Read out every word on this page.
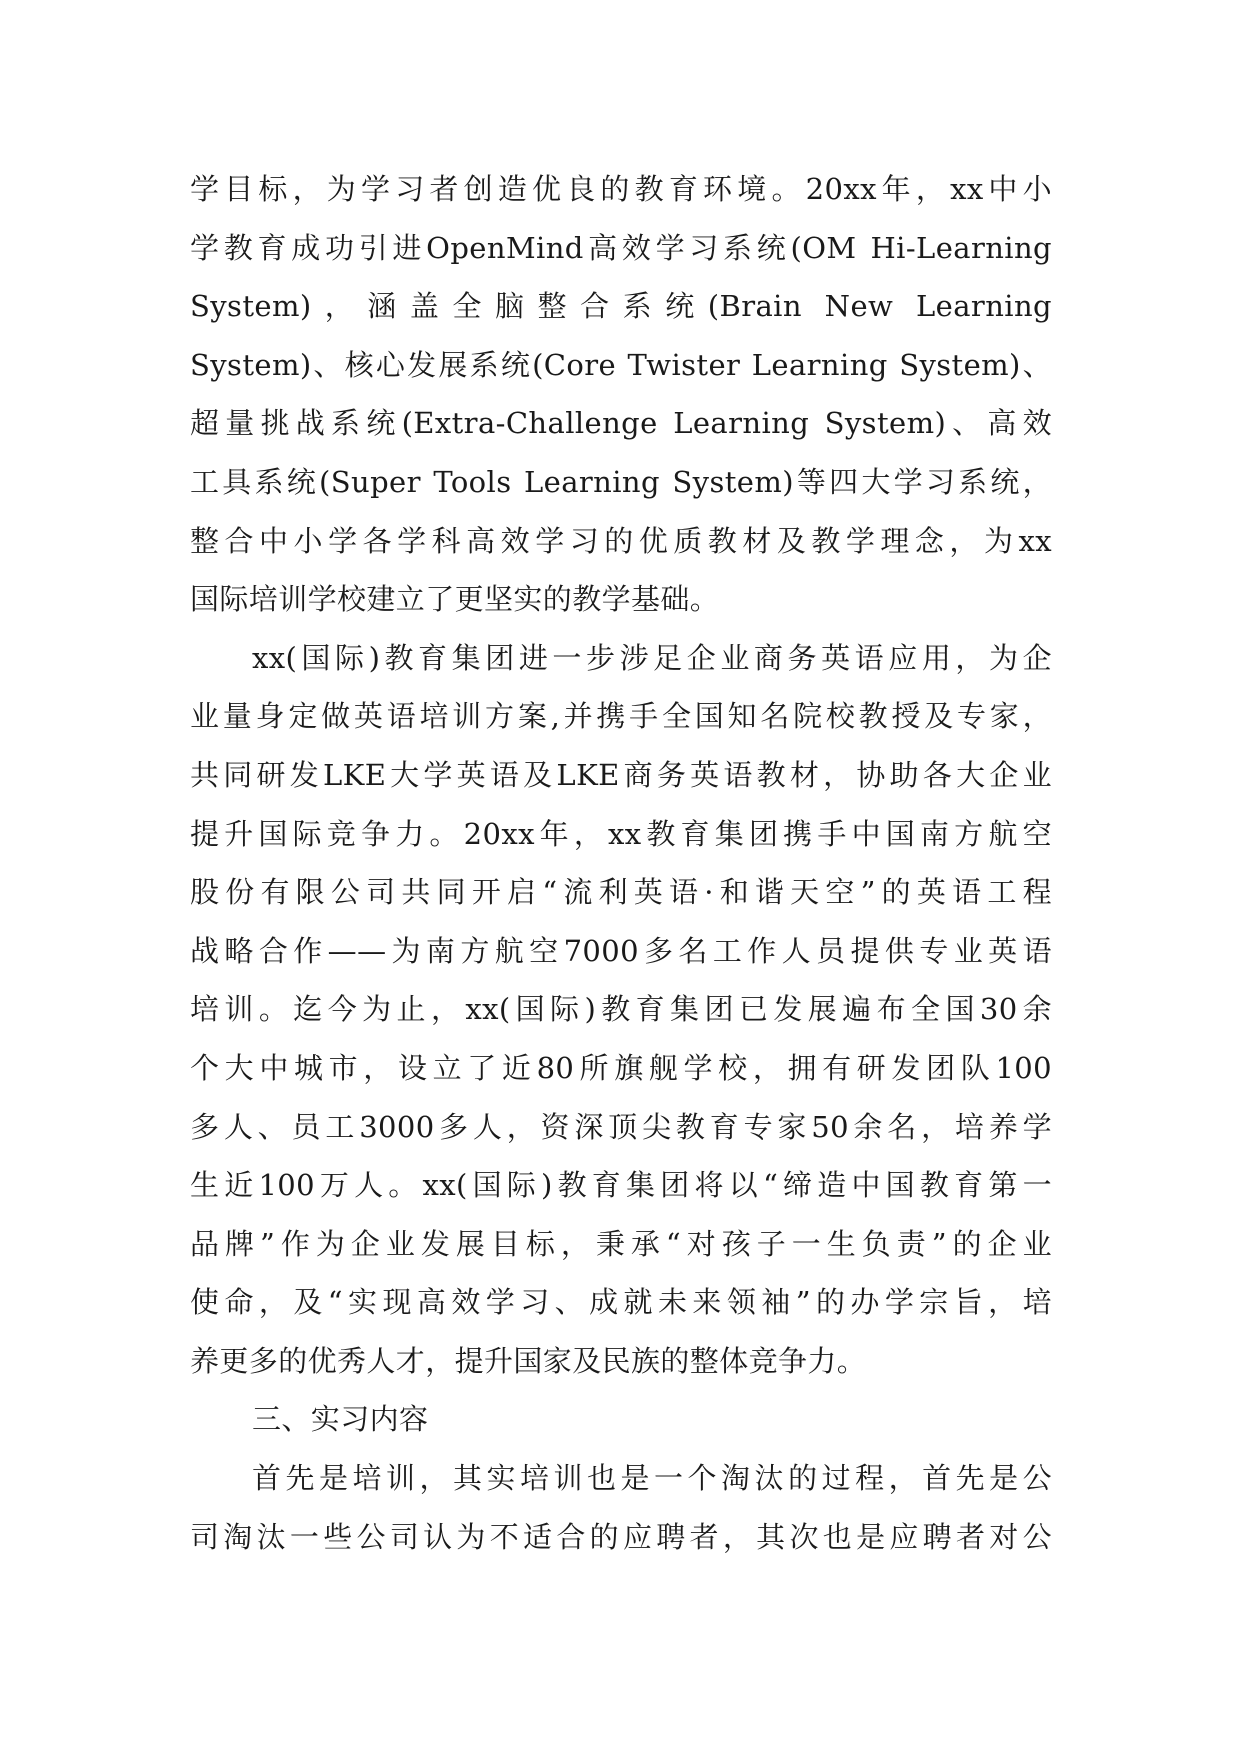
学目标，为学习者创造优良的教育环境。20xx年，xx中小
学教育成功引进OpenMind高效学习系统(OM Hi-Learning
System)，涵盖全脑整合系统(Brain New Learning
System)、核心发展系统(Core Twister Learning System)、
超量挑战系统(Extra-Challenge Learning System)、高效
工具系统(Super Tools Learning System)等四大学习系统，
整合中小学各学科高效学习的优质教材及教学理念，为xx
国际培训学校建立了更坚实的教学基础。
xx(国际)教育集团进一步涉足企业商务英语应用，为企
业量身定做英语培训方案,并携手全国知名院校教授及专家，
共同研发LKE大学英语及LKE商务英语教材，协助各大企业
提升国际竞争力。20xx年，xx教育集团携手中国南方航空
股份有限公司共同开启“流利英语·和谐天空”的英语工程
战略合作——为南方航空7000多名工作人员提供专业英语
培训。迄今为止，xx(国际)教育集团已发展遍布全国30余
个大中城市，设立了近80所旗舰学校，拥有研发团队100
多人、员工3000多人，资深顶尖教育专家50余名，培养学
生近100万人。xx(国际)教育集团将以“缔造中国教育第一
品牌”作为企业发展目标，秉承“对孩子一生负责”的企业
使命，及“实现高效学习、成就未来领袖”的办学宗旨，培
养更多的优秀人才，提升国家及民族的整体竞争力。
三、实习内容
首先是培训，其实培训也是一个淘汰的过程，首先是公
司淘汰一些公司认为不适合的应聘者，其次也是应聘者对公
